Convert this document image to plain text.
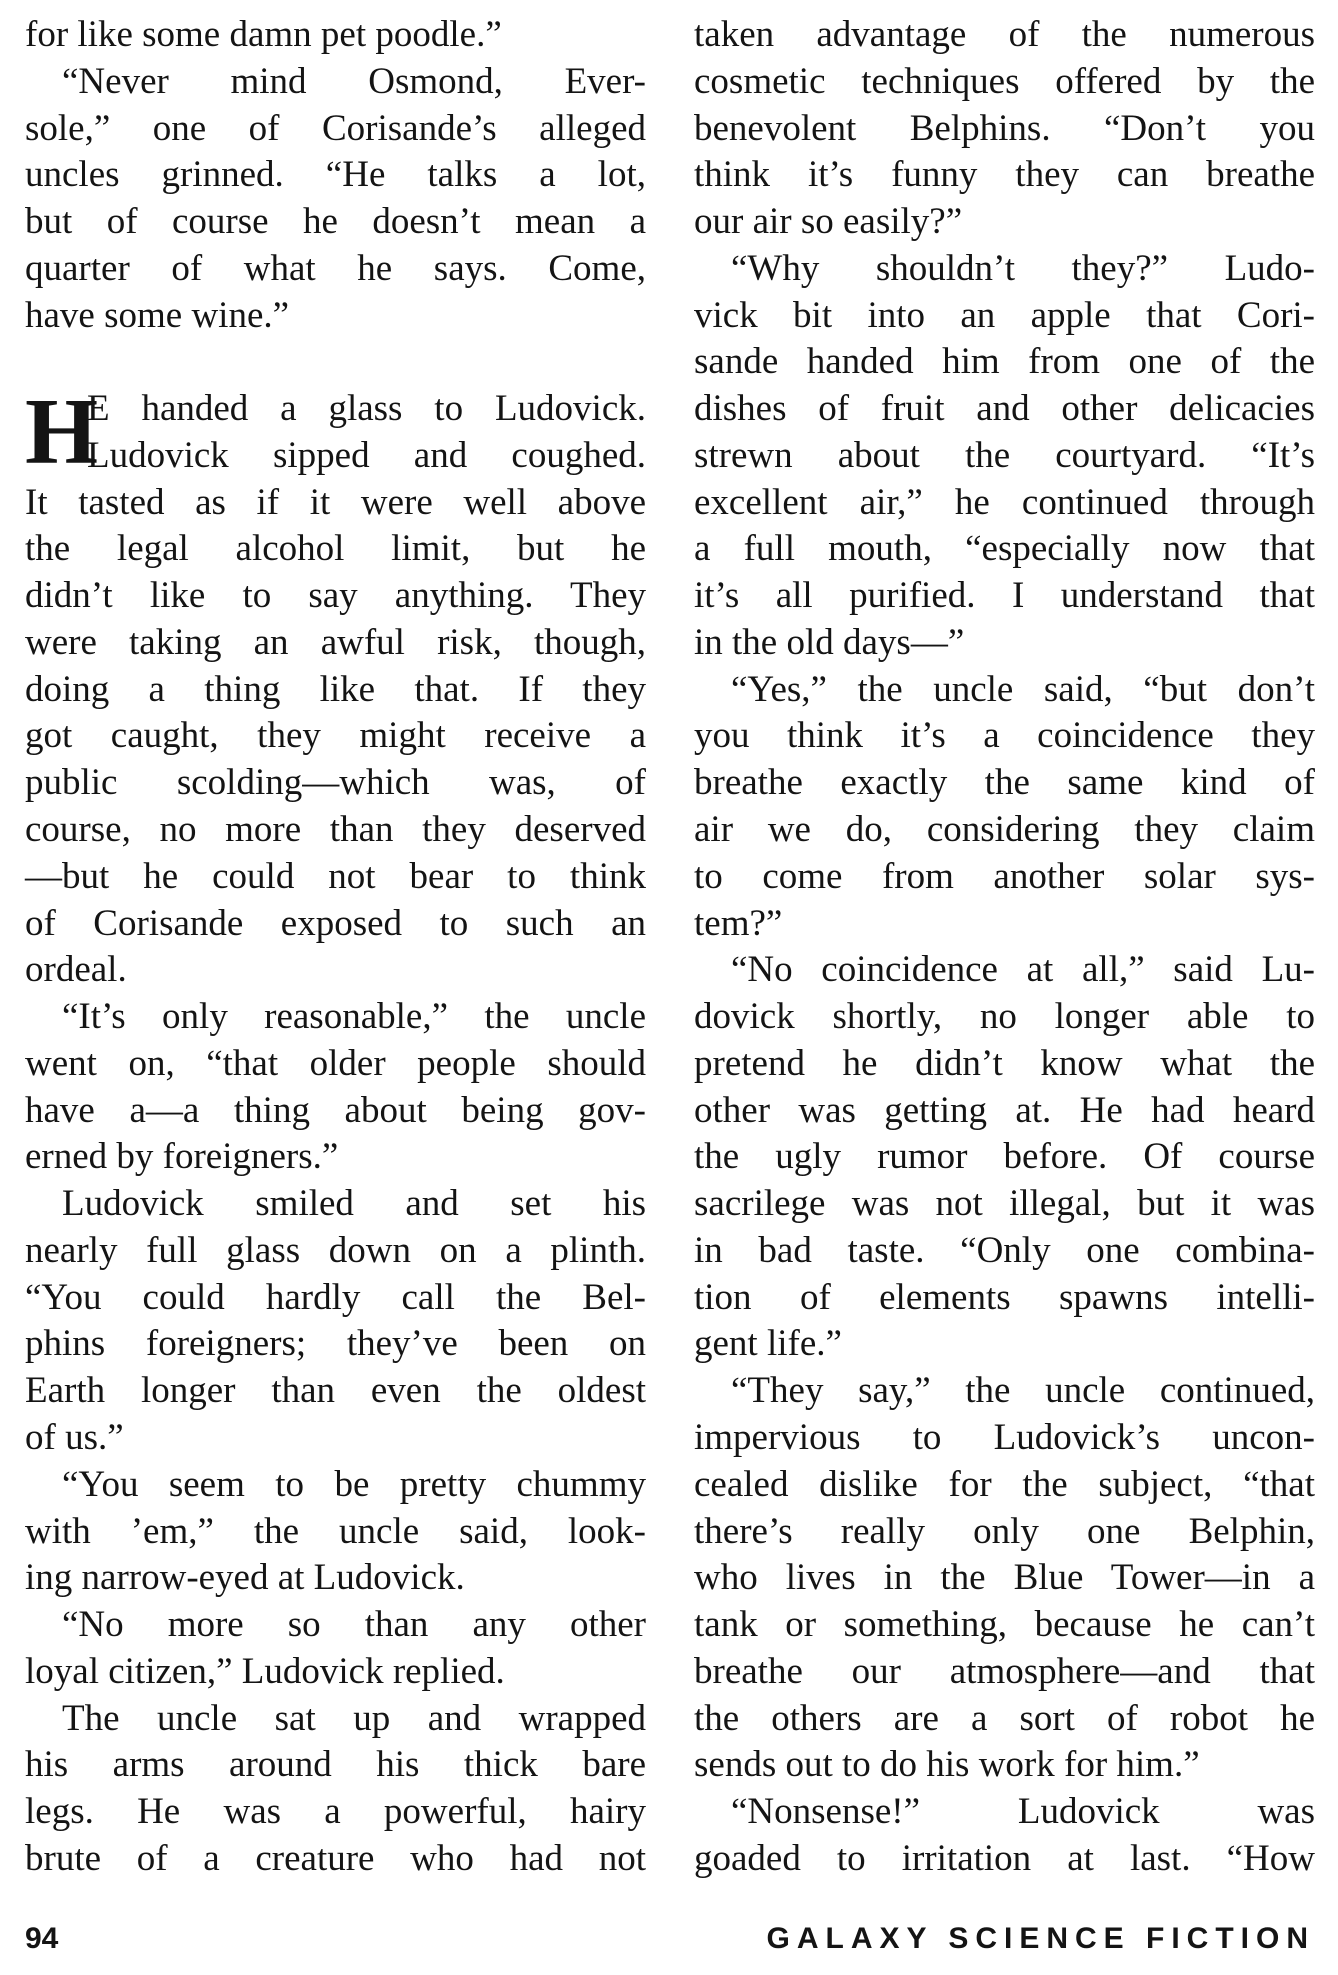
for like some damn pet poodle.”
“Never mind Osmond, Ever-
sole,” one of Corisande’s alleged
uncles grinned. “He talks a lot,
but of course he doesn’t mean a
quarter of what he says. Come,
have some wine.”
H
E handed a glass to Ludovick.
Ludovick sipped and coughed.
It tasted as if it were well above
the legal alcohol limit, but he
didn’t like to say anything. They
were taking an awful risk, though,
doing a thing like that. If they
got caught, they might receive a
public scolding—which was, of
course, no more than they deserved
—but he could not bear to think
of Corisande exposed to such an
ordeal.
“It’s only reasonable,” the uncle
went on, “that older people should
have a—a thing about being gov-
erned by foreigners.”
Ludovick smiled and set his
nearly full glass down on a plinth.
“You could hardly call the Bel-
phins foreigners; they’ve been on
Earth longer than even the oldest
of us.”
“You seem to be pretty chummy
with ’em,” the uncle said, look-
ing narrow-eyed at Ludovick.
“No more so than any other
loyal citizen,” Ludovick replied.
The uncle sat up and wrapped
his arms around his thick bare
legs. He was a powerful, hairy
brute of a creature who had not
taken advantage of the numerous
cosmetic techniques offered by the
benevolent Belphins. “Don’t you
think it’s funny they can breathe
our air so easily?”
“Why shouldn’t they?” Ludo-
vick bit into an apple that Cori-
sande handed him from one of the
dishes of fruit and other delicacies
strewn about the courtyard. “It’s
excellent air,” he continued through
a full mouth, “especially now that
it’s all purified. I understand that
in the old days—”
“Yes,” the uncle said, “but don’t
you think it’s a coincidence they
breathe exactly the same kind of
air we do, considering they claim
to come from another solar sys-
tem?”
“No coincidence at all,” said Lu-
dovick shortly, no longer able to
pretend he didn’t know what the
other was getting at. He had heard
the ugly rumor before. Of course
sacrilege was not illegal, but it was
in bad taste. “Only one combina-
tion of elements spawns intelli-
gent life.”
“They say,” the uncle continued,
impervious to Ludovick’s uncon-
cealed dislike for the subject, “that
there’s really only one Belphin,
who lives in the Blue Tower—in a
tank or something, because he can’t
breathe our atmosphere—and that
the others are a sort of robot he
sends out to do his work for him.”
“Nonsense!” Ludovick was
goaded to irritation at last. “How
94	GALAXY SCIENCE FICTION
